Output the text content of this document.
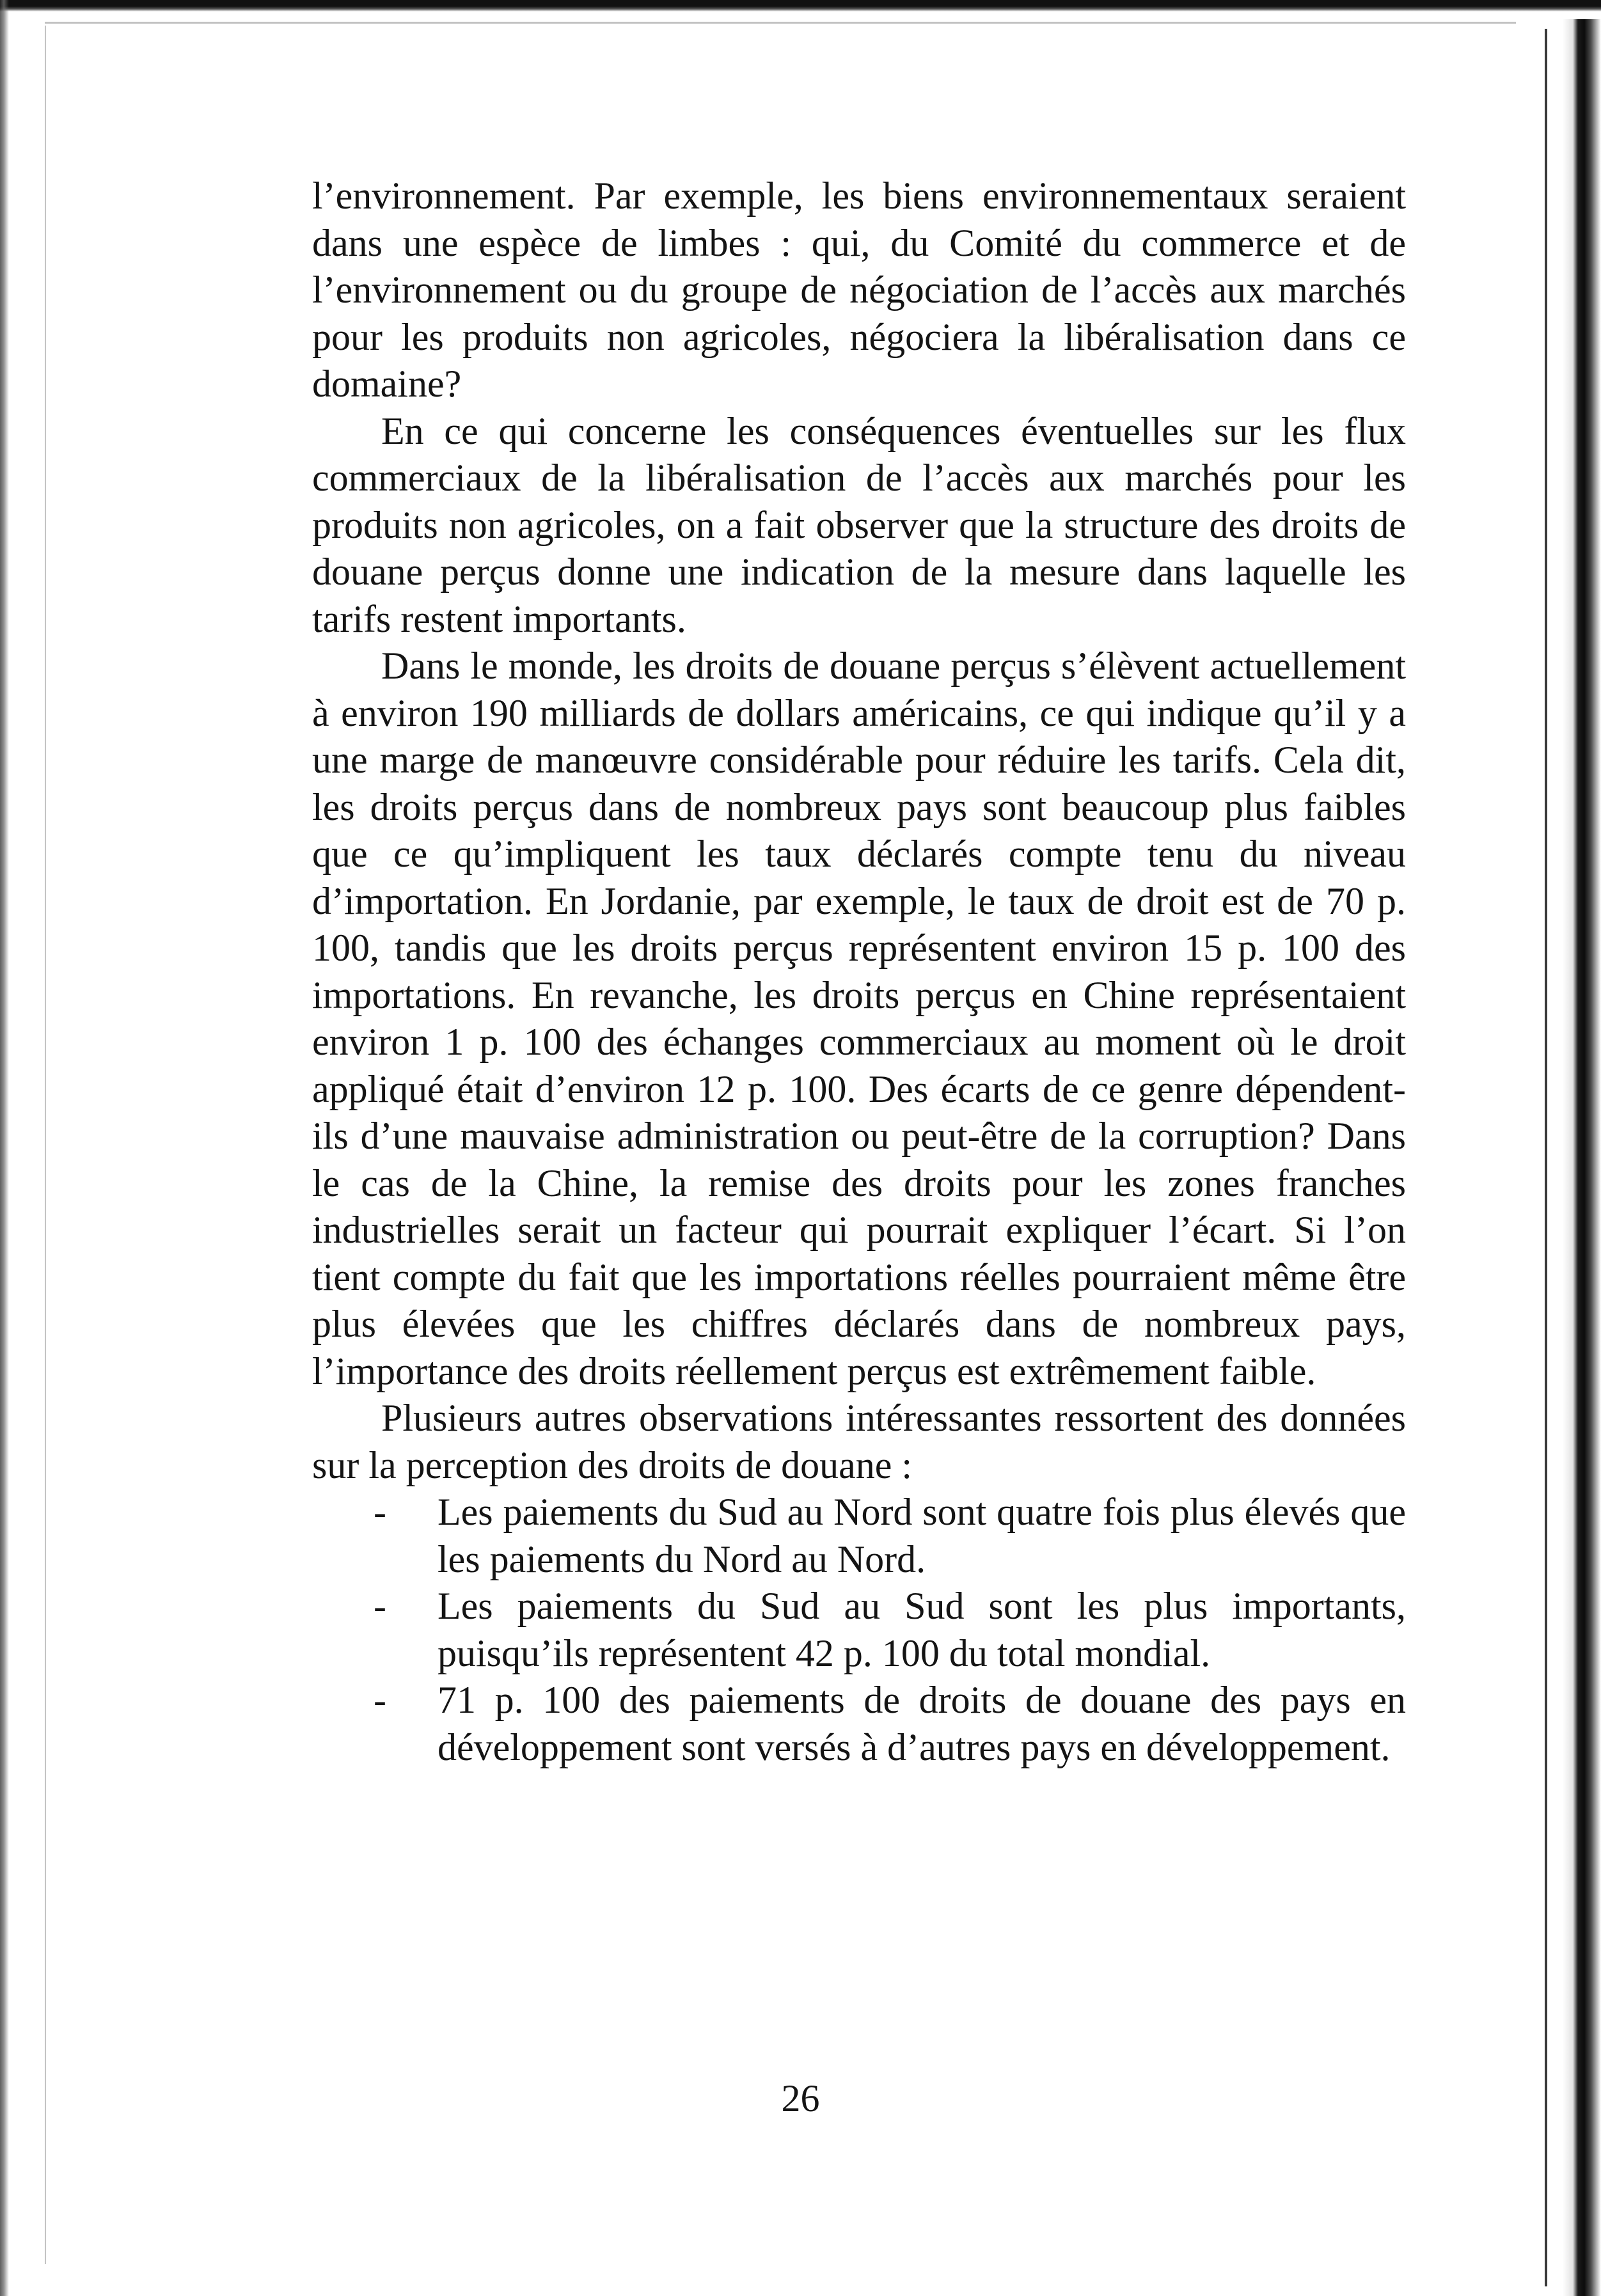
l’environnement. Par exemple, les biens environnementaux seraient dans une espèce de limbes : qui, du Comité du commerce et de l’environnement ou du groupe de négociation de l’accès aux marchés pour les produits non agricoles, négociera la libéralisation dans ce domaine?

En ce qui concerne les conséquences éventuelles sur les flux commerciaux de la libéralisation de l’accès aux marchés pour les produits non agricoles, on a fait observer que la structure des droits de douane perçus donne une indication de la mesure dans laquelle les tarifs restent importants.

Dans le monde, les droits de douane perçus s’élèvent actuellement à environ 190 milliards de dollars américains, ce qui indique qu’il y a une marge de manœuvre considérable pour réduire les tarifs. Cela dit, les droits perçus dans de nombreux pays sont beaucoup plus faibles que ce qu’impliquent les taux déclarés compte tenu du niveau d’importation. En Jordanie, par exemple, le taux de droit est de 70 p. 100, tandis que les droits perçus représentent environ 15 p. 100 des importations. En revanche, les droits perçus en Chine représentaient environ 1 p. 100 des échanges commerciaux au moment où le droit appliqué était d’environ 12 p. 100. Des écarts de ce genre dépendent-ils d’une mauvaise administration ou peut-être de la corruption? Dans le cas de la Chine, la remise des droits pour les zones franches industrielles serait un facteur qui pourrait expliquer l’écart. Si l’on tient compte du fait que les importations réelles pourraient même être plus élevées que les chiffres déclarés dans de nombreux pays, l’importance des droits réellement perçus est extrêmement faible.

Plusieurs autres observations intéressantes ressortent des données sur la perception des droits de douane :

- Les paiements du Sud au Nord sont quatre fois plus élevés que les paiements du Nord au Nord.
- Les paiements du Sud au Sud sont les plus importants, puisqu’ils représentent 42 p. 100 du total mondial.
- 71 p. 100 des paiements de droits de douane des pays en développement sont versés à d’autres pays en développement.
26
